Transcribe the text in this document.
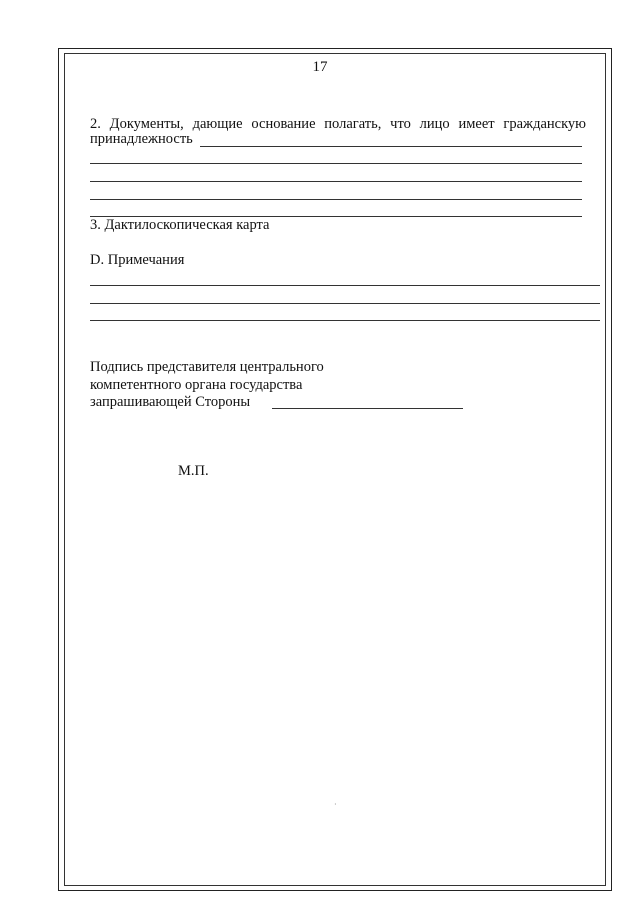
17
2. Документы, дающие основание полагать, что лицо имеет гражданскую
принадлежность
3. Дактилоскопическая карта
D. Примечания
Подпись представителя центрального
компетентного органа государства
запрашивающей Стороны
М.П.
·
